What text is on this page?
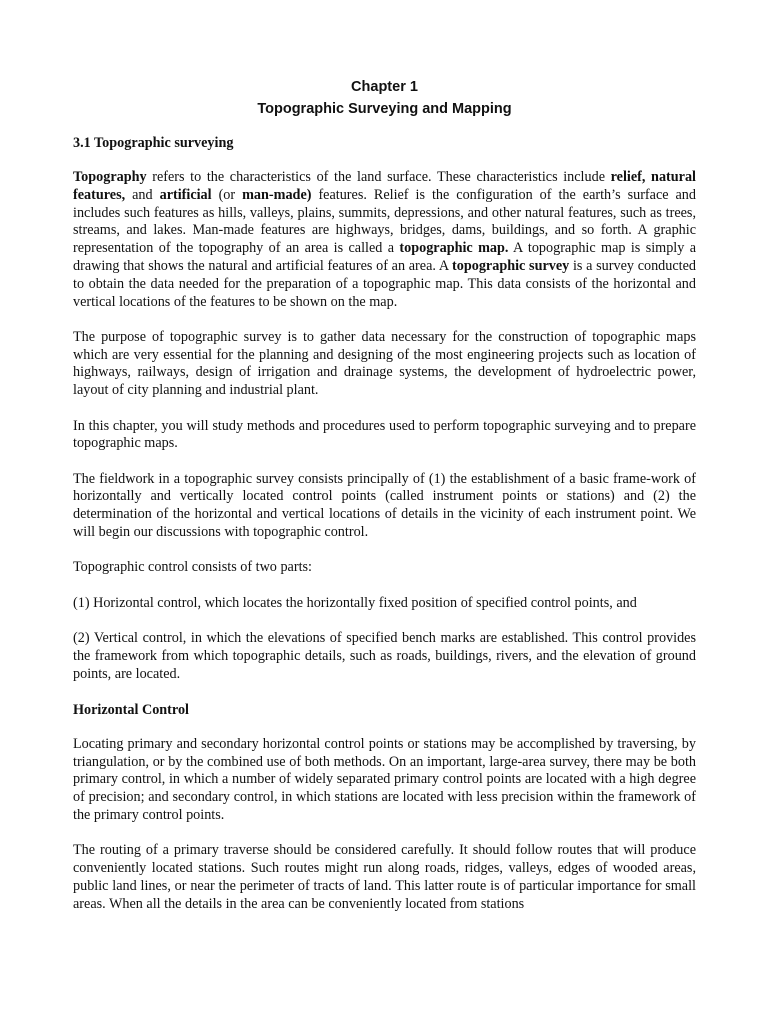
Chapter 1
Topographic Surveying and Mapping
3.1 Topographic surveying

Topography refers to the characteristics of the land surface. These characteristics include relief, natural features, and artificial (or man-made) features. Relief is the configuration of the earth’s surface and includes such features as hills, valleys, plains, summits, depressions, and other natural features, such as trees, streams, and lakes. Man-made features are highways, bridges, dams, buildings, and so forth. A graphic representation of the topography of an area is called a topographic map. A topographic map is simply a drawing that shows the natural and artificial features of an area. A topographic survey is a survey conducted to obtain the data needed for the preparation of a topographic map. This data consists of the horizontal and vertical locations of the features to be shown on the map.

The purpose of topographic survey is to gather data necessary for the construction of topographic maps which are very essential for the planning and designing of the most engineering projects such as location of highways, railways, design of irrigation and drainage systems, the development of hydroelectric power, layout of city planning and industrial plant.

In this chapter, you will study methods and procedures used to perform topographic surveying and to prepare topographic maps.

The fieldwork in a topographic survey consists principally of (1) the establishment of a basic frame-work of horizontally and vertically located control points (called instrument points or stations) and (2) the determination of the horizontal and vertical locations of details in the vicinity of each instrument point. We will begin our discussions with topographic control.

Topographic control consists of two parts:

(1) Horizontal control, which locates the horizontally fixed position of specified control points, and

(2) Vertical control, in which the elevations of specified bench marks are established. This control provides the framework from which topographic details, such as roads, buildings, rivers, and the elevation of ground points, are located.

Horizontal Control

Locating primary and secondary horizontal control points or stations may be accomplished by traversing, by triangulation, or by the combined use of both methods. On an important, large-area survey, there may be both primary control, in which a number of widely separated primary control points are located with a high degree of precision; and secondary control, in which stations are located with less precision within the framework of the primary control points.

The routing of a primary traverse should be considered carefully. It should follow routes that will produce conveniently located stations. Such routes might run along roads, ridges, valleys, edges of wooded areas, public land lines, or near the perimeter of tracts of land. This latter route is of particular importance for small areas. When all the details in the area can be conveniently located from stations
